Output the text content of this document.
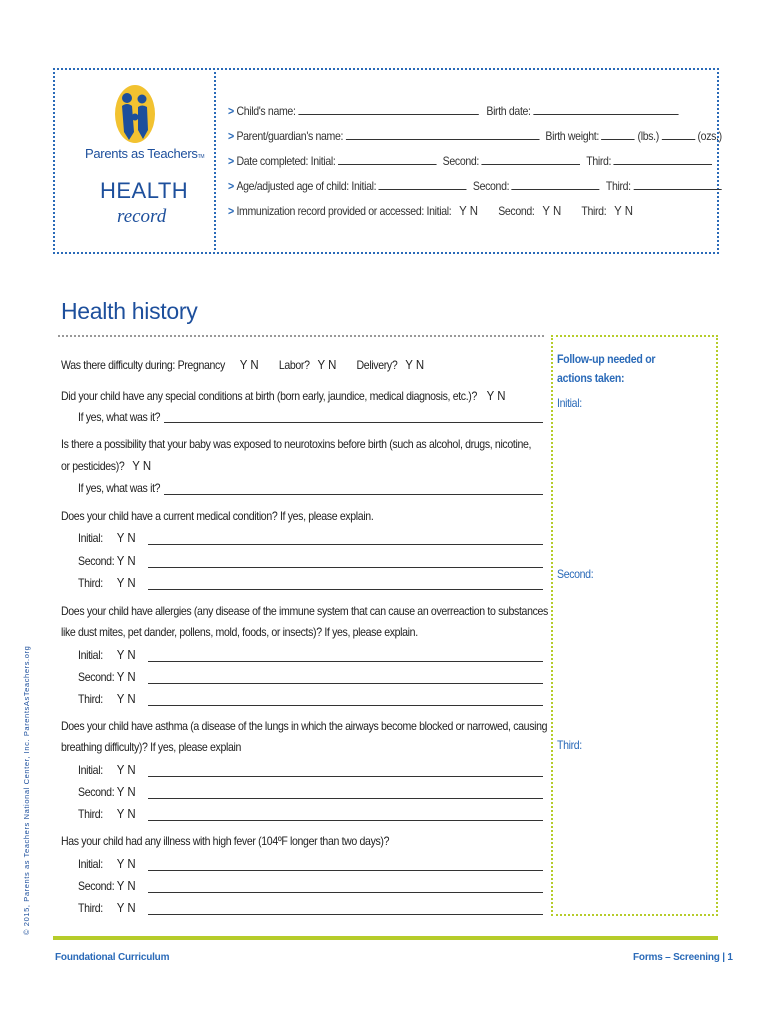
Parents as TeachersTM
HEALTH
record
> Child's name:	Birth date:
> Parent/guardian's name:	Birth weight:	(lbs.)	(ozs.)
> Date completed: Initial:	Second:	Third:
> Age/adjusted age of child: Initial:	Second:	Third:
> Immunization record provided or accessed: Initial: Y N Second: Y N Third: Y N
Health history
Follow-up needed or
actions taken:
Initial:
Second:
Third:
Was there difficulty during: Pregnancy Y N Labor? Y N Delivery? Y N
Did your child have any special conditions at birth (born early, jaundice, medical diagnosis, etc.)? Y N
If yes, what was it?
Is there a possibility that your baby was exposed to neurotoxins before birth (such as alcohol, drugs, nicotine,
or pesticides)? Y N
If yes, what was it?
Does your child have a current medical condition? If yes, please explain.
Initial: Y N
Second: Y N
Third: Y N
Does your child have allergies (any disease of the immune system that can cause an overreaction to substances
like dust mites, pet dander, pollens, mold, foods, or insects)? If yes, please explain.
Initial: Y N
Second: Y N
Third: Y N
Does your child have asthma (a disease of the lungs in which the airways become blocked or narrowed, causing
breathing difficulty)? If yes, please explain
Initial: Y N
Second: Y N
Third: Y N
Has your child had any illness with high fever (104ºF longer than two days)?
Initial: Y N
Second: Y N
Third: Y N
© 2015, Parents as Teachers National Center, Inc. ParentsAsTeachers.org
Foundational Curriculum	Forms – Screening | 1
